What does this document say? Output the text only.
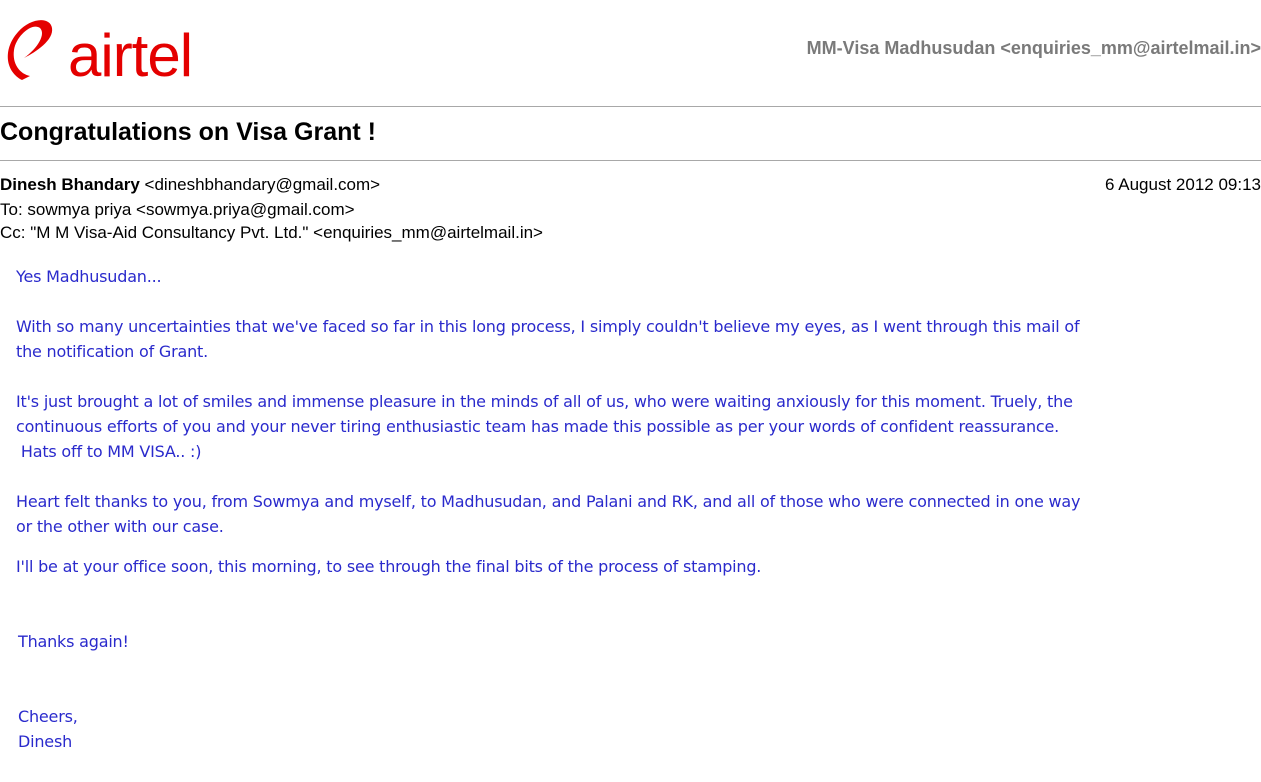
airtel	MM-Visa Madhusudan <enquiries_mm@airtelmail.in>
Congratulations on Visa Grant !
Dinesh Bhandary <dineshbhandary@gmail.com>	6 August 2012 09:13
To: sowmya priya <sowmya.priya@gmail.com>
Cc: "M M Visa-Aid Consultancy Pvt. Ltd." <enquiries_mm@airtelmail.in>
Yes Madhusudan...
With so many uncertainties that we've faced so far in this long process, I simply couldn't believe my eyes, as I went through this mail of
the notification of Grant.
It's just brought a lot of smiles and immense pleasure in the minds of all of us, who were waiting anxiously for this moment. Truely, the
continuous efforts of you and your never tiring enthusiastic team has made this possible as per your words of confident reassurance.
Hats off to MM VISA.. :)
Heart felt thanks to you, from Sowmya and myself, to Madhusudan, and Palani and RK, and all of those who were connected in one way
or the other with our case.
I'll be at your office soon, this morning, to see through the final bits of the process of stamping.
Thanks again!
Cheers,
Dinesh
